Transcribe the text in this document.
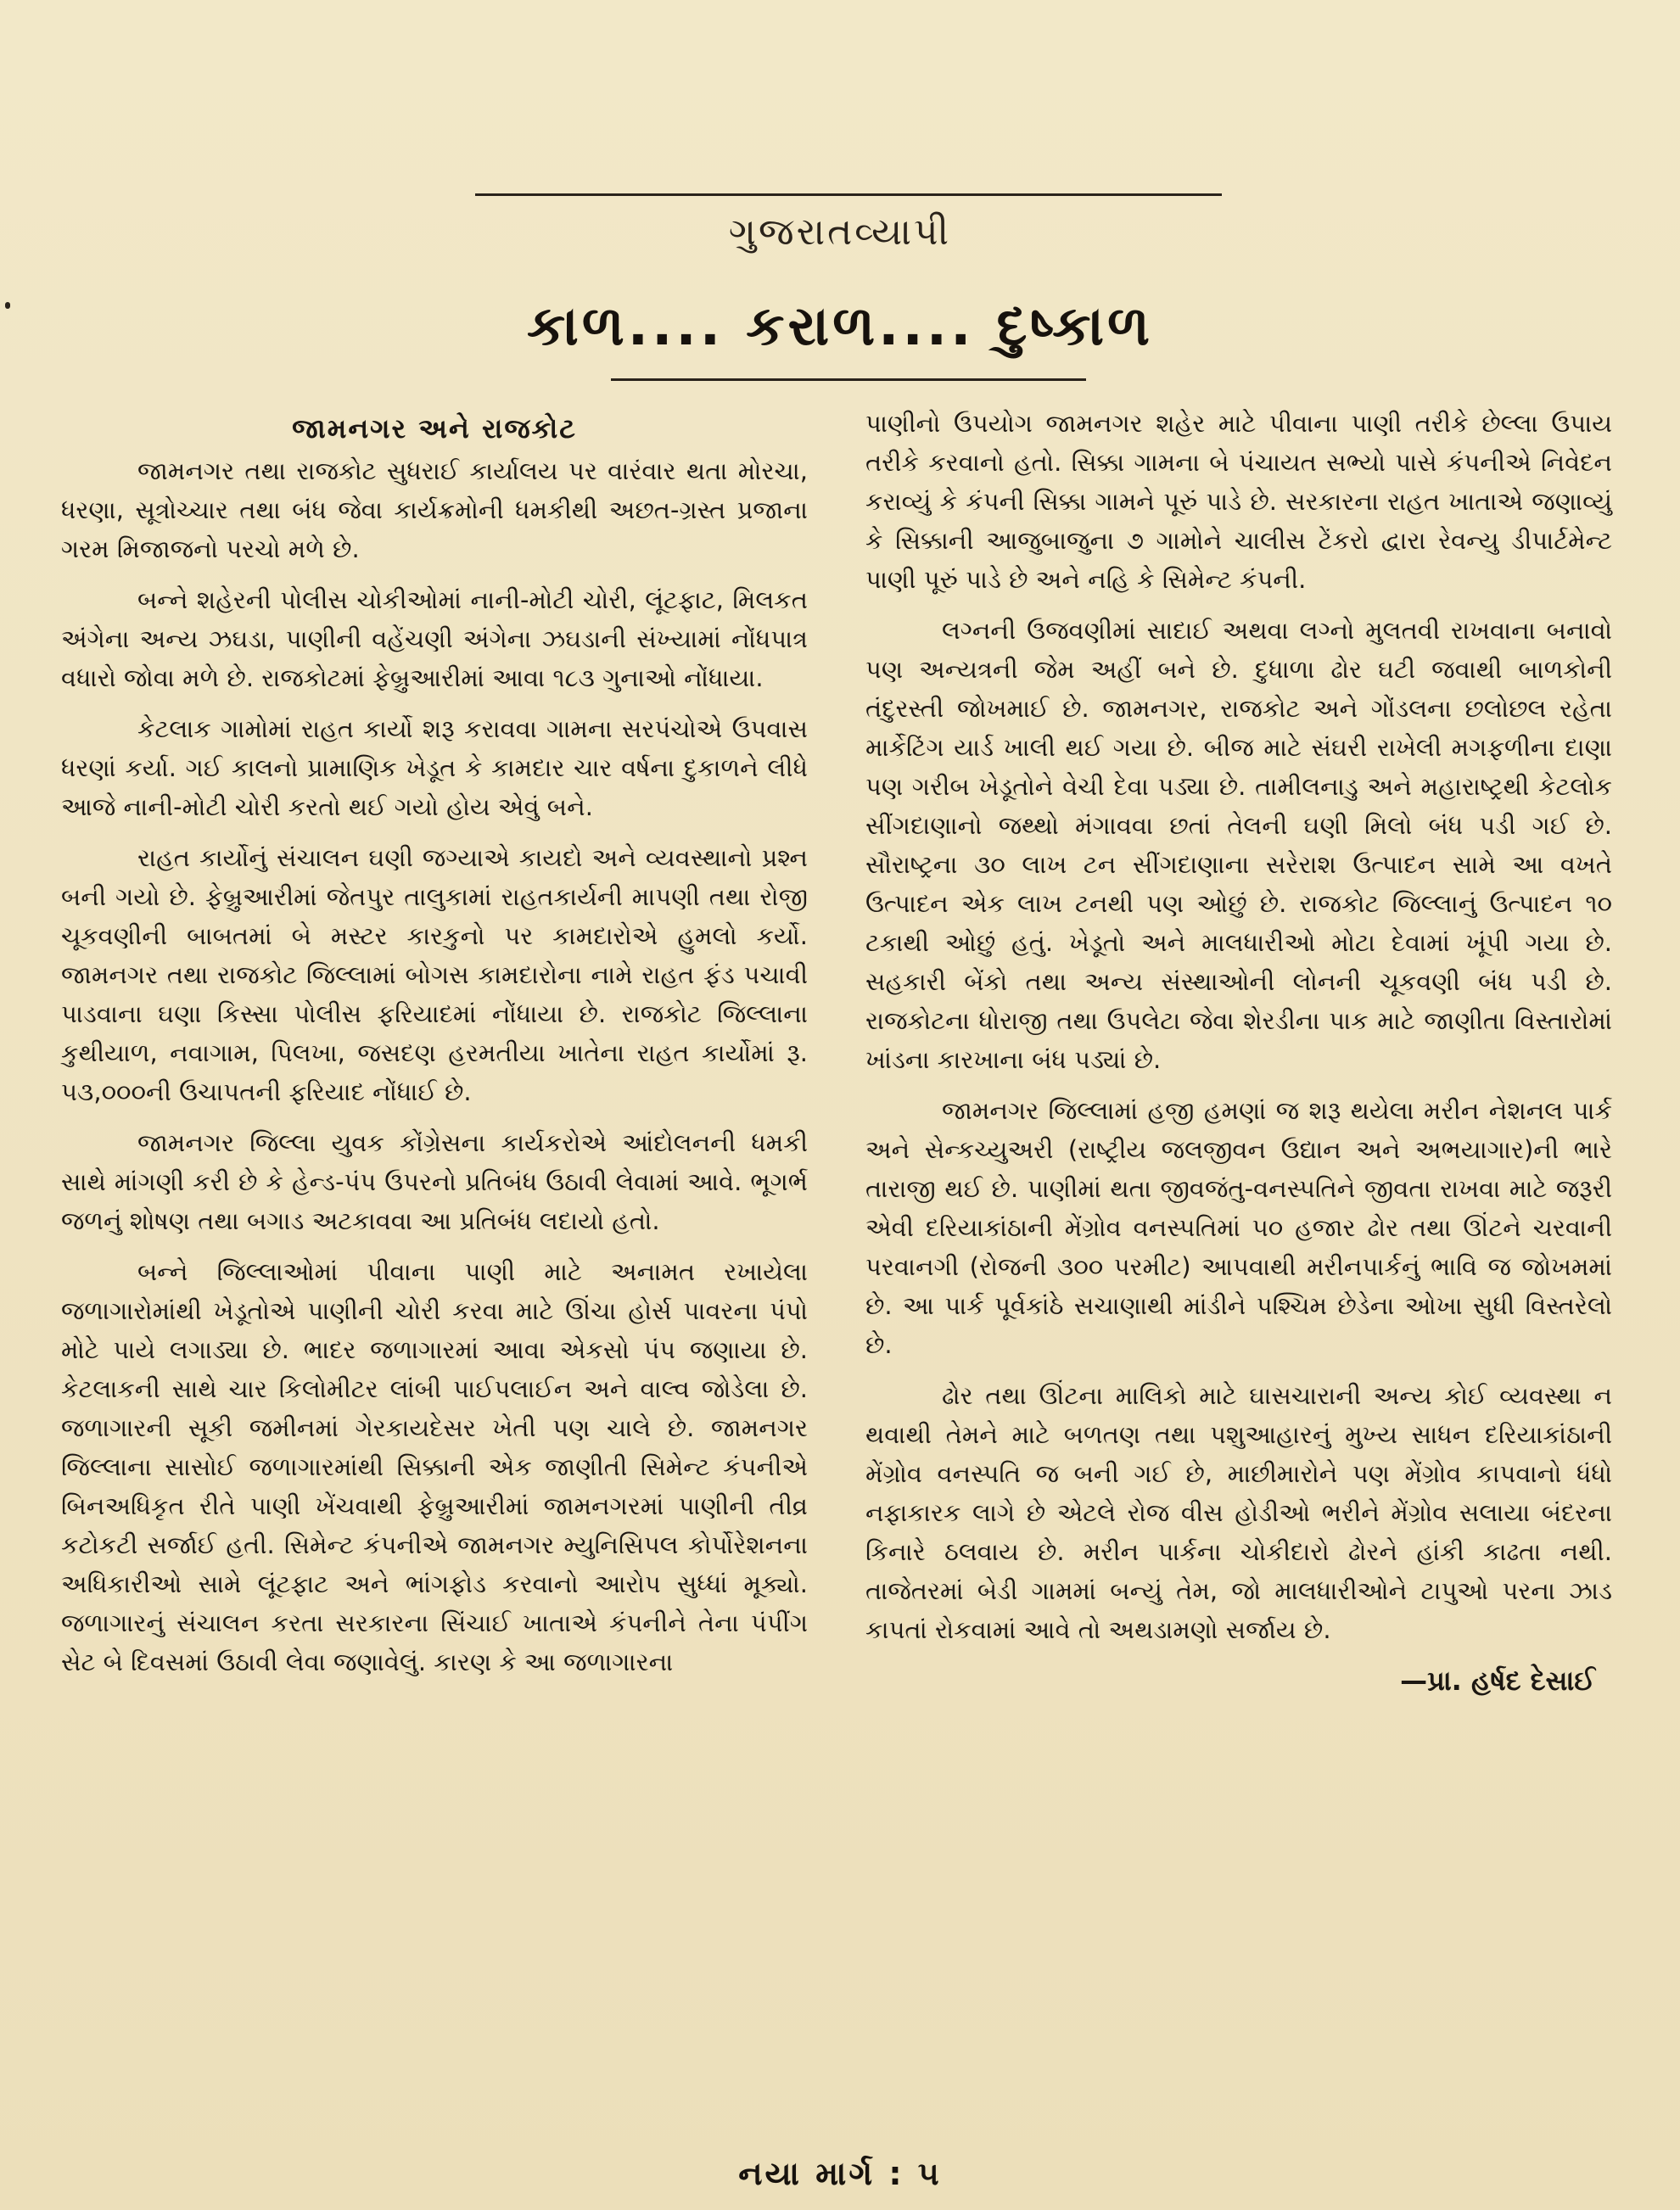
ગુજરાતવ્યાપી
કાળ.... કરાળ.... દુષ્કાળ
જામનગર અને રાજકોટ

જામનગર તથા રાજકોટ સુધરાઈ કાર્યાલય પર વારંવાર થતા મોરચા, ધરણા, સૂત્રોચ્ચાર તથા બંધ જેવા કાર્યક્રમોની ધમકીથી અછત-ગ્રસ્ત પ્રજાના ગરમ મિજાજનો પરચો મળે છે.

બન્ને શહેરની પોલીસ ચોકીઓમાં નાની-મોટી ચોરી, લૂંટફાટ, મિલકત અંગેના અન્ય ઝઘડા, પાણીની વહેંચણી અંગેના ઝઘડાની સંખ્યામાં નોંધપાત્ર વધારો જોવા મળે છે. રાજકોટમાં ફેબ્રુઆરીમાં આવા ૧૮૩ ગુનાઓ નોંધાયા.

કેટલાક ગામોમાં રાહત કાર્યો શરૂ કરાવવા ગામના સરપંચોએ ઉપવાસ ધરણાં કર્યા. ગઈ કાલનો પ્રામાણિક ખેડૂત કે કામદાર ચાર વર્ષના દુકાળને લીધે આજે નાની-મોટી ચોરી કરતો થઈ ગયો હોય એવું બને.

રાહત કાર્યોનું સંચાલન ઘણી જગ્યાએ કાયદો અને વ્યવસ્થાનો પ્રશ્ન બની ગયો છે. ફેબ્રુઆરીમાં જેતપુર તાલુકામાં રાહતકાર્યની માપણી તથા રોજી ચૂકવણીની બાબતમાં બે મસ્ટર કારકુનો પર કામદારોએ હુમલો કર્યો. જામનગર તથા રાજકોટ જિલ્લામાં બોગસ કામદારોના નામે રાહત ફંડ પચાવી પાડવાના ઘણા કિસ્સા પોલીસ ફરિયાદમાં નોંધાયા છે. રાજકોટ જિલ્લાના કુથીયાળ, નવાગામ, પિલખા, જસદણ હરમતીયા ખાતેના રાહત કાર્યોમાં રૂ. ૫૩,૦૦૦ની ઉચાપતની ફરિયાદ નોંધાઈ છે.

જામનગર જિલ્લા યુવક કોંગ્રેસના કાર્યકરોએ આંદોલનની ધમકી સાથે માંગણી કરી છે કે હેન્ડ-પંપ ઉપરનો પ્રતિબંધ ઉઠાવી લેવામાં આવે. ભૂગર્ભ જળનું શોષણ તથા બગાડ અટકાવવા આ પ્રતિબંધ લદાયો હતો.

બન્ને જિલ્લાઓમાં પીવાના પાણી માટે અનામત રખાયેલા જળાગારોમાંથી ખેડૂતોએ પાણીની ચોરી કરવા માટે ઊંચા હોર્સ પાવરના પંપો મોટે પાયે લગાડ્યા છે. ભાદર જળાગારમાં આવા એકસો પંપ જણાયા છે. કેટલાકની સાથે ચાર કિલોમીટર લાંબી પાઈપલાઈન અને વાલ્વ જોડેલા છે. જળાગારની સૂકી જમીનમાં ગેરકાયદેસર ખેતી પણ ચાલે છે. જામનગર જિલ્લાના સાસોઈ જળાગારમાંથી સિક્કાની એક જાણીતી સિમેન્ટ કંપનીએ બિનઅધિકૃત રીતે પાણી ખેંચવાથી ફેબ્રુઆરીમાં જામનગરમાં પાણીની તીવ્ર કટોકટી સર્જાઈ હતી. સિમેન્ટ કંપનીએ જામનગર મ્યુનિસિપલ કોર્પોરેશનના અધિકારીઓ સામે લૂંટફાટ અને ભાંગફોડ કરવાનો આરોપ સુધ્ધાં મૂક્યો. જળાગારનું સંચાલન કરતા સરકારના સિંચાઈ ખાતાએ કંપનીને તેના પંપીંગ સેટ બે દિવસમાં ઉઠાવી લેવા જણાવેલું. કારણ કે આ જળાગારના

પાણીનો ઉપયોગ જામનગર શહેર માટે પીવાના પાણી તરીકે છેલ્લા ઉપાય તરીકે કરવાનો હતો. સિક્કા ગામના બે પંચાયત સભ્યો પાસે કંપનીએ નિવેદન કરાવ્યું કે કંપની સિક્કા ગામને પૂરું પાડે છે. સરકારના રાહત ખાતાએ જણાવ્યું કે સિક્કાની આજુબાજુના ૭ ગામોને ચાલીસ ટેંકરો દ્વારા રેવન્યુ ડીપાર્ટમેન્ટ પાણી પૂરું પાડે છે અને નહિ કે સિમેન્ટ કંપની.

લગ્નની ઉજવણીમાં સાદાઈ અથવા લગ્નો મુલતવી રાખવાના બનાવો પણ અન્યત્રની જેમ અહીં બને છે. દુધાળા ઢોર ઘટી જવાથી બાળકોની તંદુરસ્તી જોખમાઈ છે. જામનગર, રાજકોટ અને ગોંડલના છલોછલ રહેતા માર્કેટિંગ યાર્ડ ખાલી થઈ ગયા છે. બીજ માટે સંઘરી રાખેલી મગફળીના દાણા પણ ગરીબ ખેડૂતોને વેચી દેવા પડ્યા છે. તામીલનાડુ અને મહારાષ્ટ્રથી કેટલોક સીંગદાણાનો જથ્થો મંગાવવા છતાં તેલની ઘણી મિલો બંધ પડી ગઈ છે. સૌરાષ્ટ્રના ૩૦ લાખ ટન સીંગદાણાના સરેરાશ ઉત્પાદન સામે આ વખતે ઉત્પાદન એક લાખ ટનથી પણ ઓછું છે. રાજકોટ જિલ્લાનું ઉત્પાદન ૧૦ ટકાથી ઓછું હતું. ખેડૂતો અને માલધારીઓ મોટા દેવામાં ખૂંપી ગયા છે. સહકારી બેંકો તથા અન્ય સંસ્થાઓની લોનની ચૂકવણી બંધ પડી છે. રાજકોટના ધોરાજી તથા ઉપલેટા જેવા શેરડીના પાક માટે જાણીતા વિસ્તારોમાં ખાંડના કારખાના બંધ પડ્યાં છે.

જામનગર જિલ્લામાં હજી હમણાં જ શરૂ થયેલા મરીન નેશનલ પાર્ક અને સેન્કચ્યુઅરી (રાષ્ટ્રીય જલજીવન ઉદ્યાન અને અભયાગાર)ની ભારે તારાજી થઈ છે. પાણીમાં થતા જીવજંતુ-વનસ્પતિને જીવતા રાખવા માટે જરૂરી એવી દરિયાકાંઠાની મેંગ્રોવ વનસ્પતિમાં ૫૦ હજાર ઢોર તથા ઊંટને ચરવાની પરવાનગી (રોજની ૩૦૦ પરમીટ) આપવાથી મરીનપાર્કનું ભાવિ જ જોખમમાં છે. આ પાર્ક પૂર્વકાંઠે સચાણાથી માંડીને પશ્ચિમ છેડેના ઓખા સુધી વિસ્તરેલો છે.

ઢોર તથા ઊંટના માલિકો માટે ઘાસચારાની અન્ય કોઈ વ્યવસ્થા ન થવાથી તેમને માટે બળતણ તથા પશુઆહારનું મુખ્ય સાધન દરિયાકાંઠાની મેંગ્રોવ વનસ્પતિ જ બની ગઈ છે, માછીમારોને પણ મેંગ્રોવ કાપવાનો ધંધો નફાકારક લાગે છે એટલે રોજ વીસ હોડીઓ ભરીને મેંગ્રોવ સલાયા બંદરના કિનારે ઠલવાય છે. મરીન પાર્કના ચોકીદારો ઢોરને હાંકી કાઢતા નથી. તાજેતરમાં બેડી ગામમાં બન્યું તેમ, જો માલધારીઓને ટાપુઓ પરના ઝાડ કાપતાં રોકવામાં આવે તો અથડામણો સર્જાય છે.

—પ્રા. હર્ષદ દેસાઈ
નયા માર્ગ : ૫
